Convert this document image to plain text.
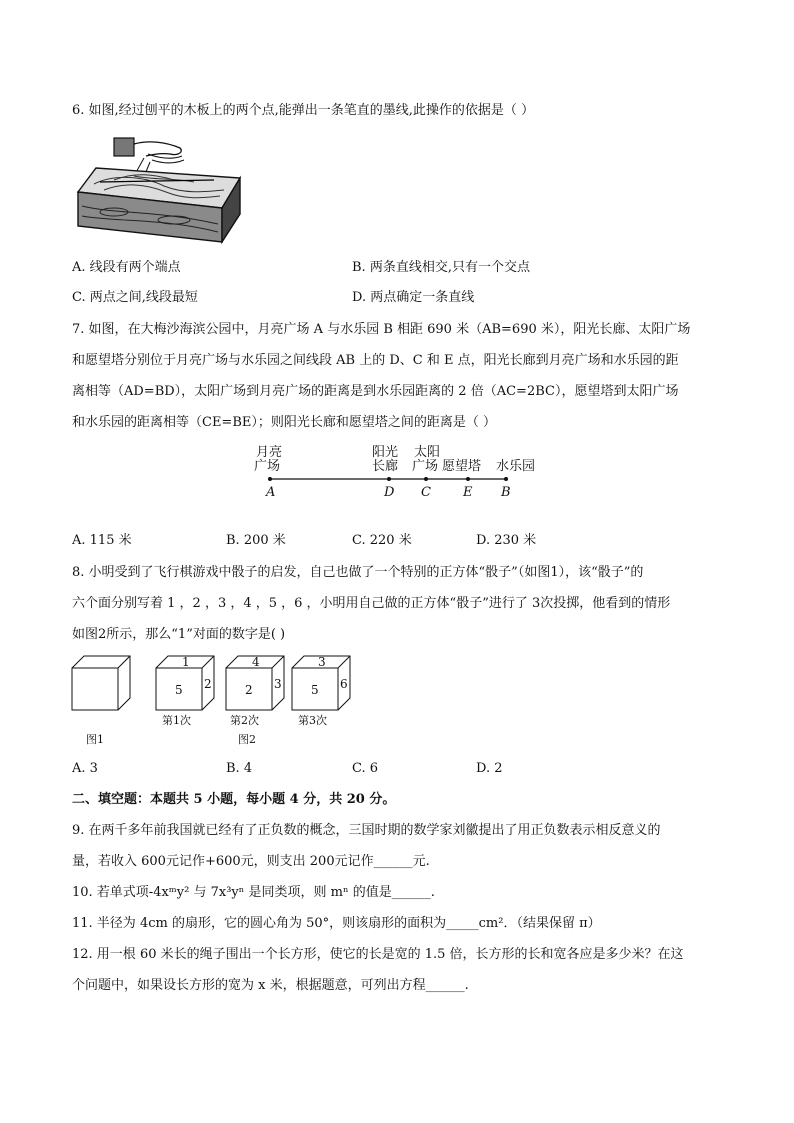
6. 如图,经过刨平的木板上的两个点,能弹出一条笔直的墨线,此操作的依据是（ ）
A. 线段有两个端点	B. 两条直线相交,只有一个交点
C. 两点之间,线段最短	D. 两点确定一条直线
7. 如图，在大梅沙海滨公园中，月亮广场 A 与水乐园 B 相距 690 米（AB=690 米），阳光长廊、太阳广场
和愿望塔分别位于月亮广场与水乐园之间线段 AB 上的 D、C 和 E 点，阳光长廊到月亮广场和水乐园的距
离相等（AD=BD），太阳广场到月亮广场的距离是到水乐园距离的 2 倍（AC=2BC），愿望塔到太阳广场
和水乐园的距离相等（CE=BE）；则阳光长廊和愿望塔之间的距离是（ ）
月亮
广场
阳光
长廊
太阳
广场 愿望塔 水乐园
A	D C E B
A. 115 米	B. 200 米	C. 220 米	D. 230 米
8. 小明受到了飞行棋游戏中骰子的启发，自己也做了一个特别的正方体“骰子”（如图1），该“骰子”的
六个面分别写着 1 ，2 ，3 ，4 ，5 ，6 ，小明用自己做的正方体“骰子”进行了 3次投掷，他看到的情形
如图2所示，那么“1”对面的数字是( )
1
5 2
4
2 3
3
5 6
第1次	第2次	第3次
图1	图2
A. 3	B. 4	C. 6	D. 2
二、填空题：本题共 5 小题，每小题 4 分，共 20 分。
9. 在两千多年前我国就已经有了正负数的概念，三国时期的数学家刘徽提出了用正负数表示相反意义的
量，若收入 600元记作+600元，则支出 200元记作______元.
10. 若单式项-4xᵐy² 与 7x³yⁿ 是同类项，则 mⁿ 的值是______.
11. 半径为 4cm 的扇形，它的圆心角为 50°，则该扇形的面积为_____cm²．（结果保留 π）
12. 用一根 60 米长的绳子围出一个长方形，使它的长是宽的 1.5 倍，长方形的长和宽各应是多少米？在这
个问题中，如果设长方形的宽为 x 米，根据题意，可列出方程______.
